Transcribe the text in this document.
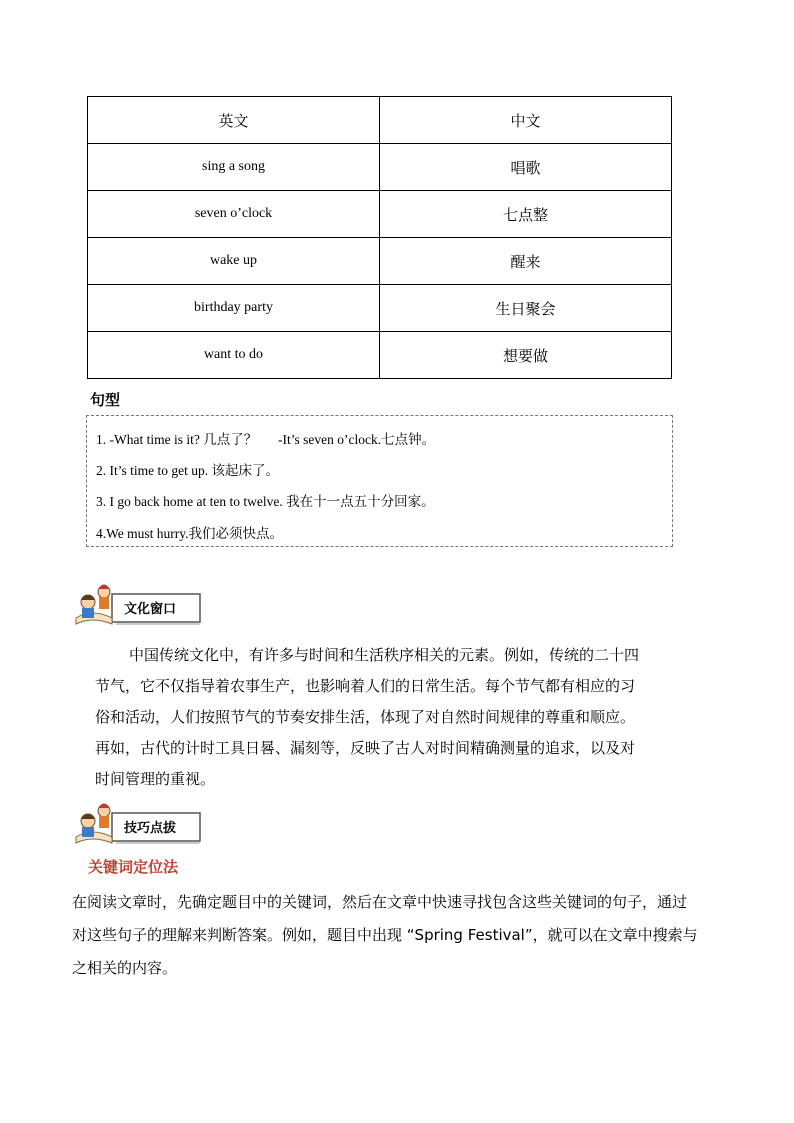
英文	中文
sing a song	唱歌
seven o’clock	七点整
wake up	醒来
birthday party	生日聚会
want to do	想要做
句型
1. -What time is it? 几点了？ -It’s seven o’clock.七点钟。
2. It’s time to get up. 该起床了。
3. I go back home at ten to twelve. 我在十一点五十分回家。
4.We must hurry.我们必须快点。
文化窗口
中国传统文化中，有许多与时间和生活秩序相关的元素。例如，传统的二十四
节气，它不仅指导着农事生产，也影响着人们的日常生活。每个节气都有相应的习
俗和活动，人们按照节气的节奏安排生活，体现了对自然时间规律的尊重和顺应。
再如，古代的计时工具日晷、漏刻等，反映了古人对时间精确测量的追求，以及对
时间管理的重视。
技巧点拔
关键词定位法
在阅读文章时，先确定题目中的关键词，然后在文章中快速寻找包含这些关键词的句子，通过
对这些句子的理解来判断答案。例如，题目中出现 “Spring Festival”，就可以在文章中搜索与
之相关的内容。
